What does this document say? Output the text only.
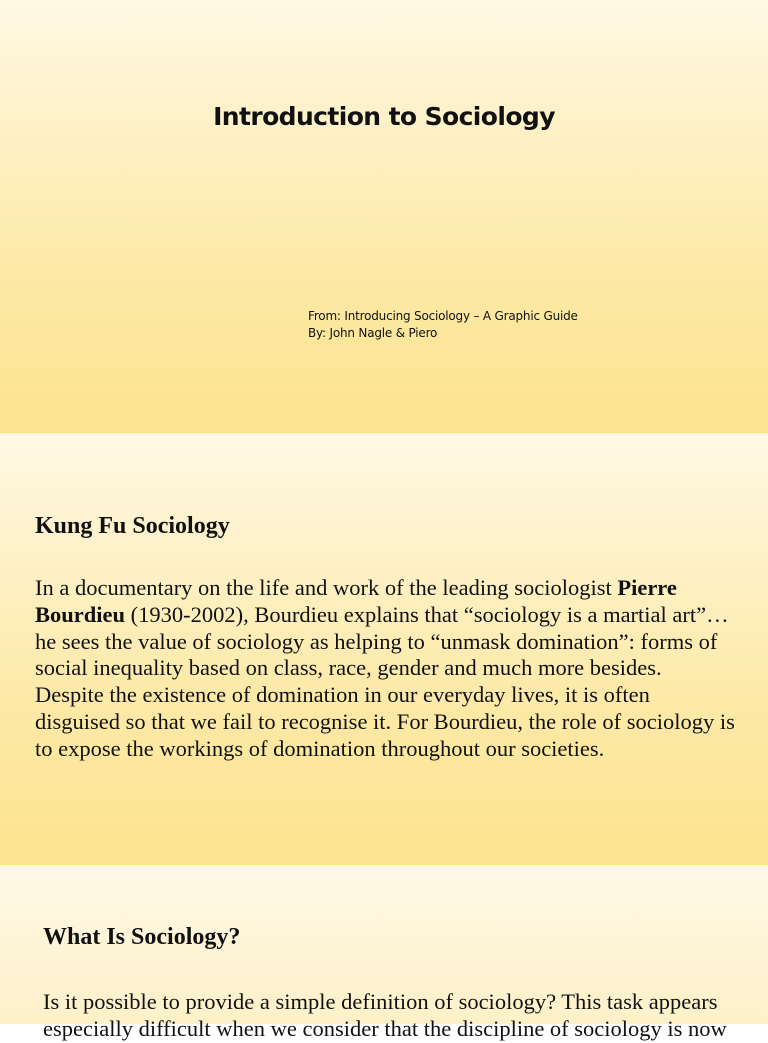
Introduction to Sociology
From: Introducing Sociology – A Graphic Guide
By: John Nagle & Piero
Kung Fu Sociology

In a documentary on the life and work of the leading sociologist Pierre Bourdieu (1930-2002), Bourdieu explains that “sociology is a martial art”…he sees the value of sociology as helping to “unmask domination”: forms of social inequality based on class, race, gender and much more besides. Despite the existence of domination in our everyday lives, it is often disguised so that we fail to recognise it. For Bourdieu, the role of sociology is to expose the workings of domination throughout our societies.

What Is Sociology?

Is it possible to provide a simple definition of sociology? This task appears especially difficult when we consider that the discipline of sociology is now
